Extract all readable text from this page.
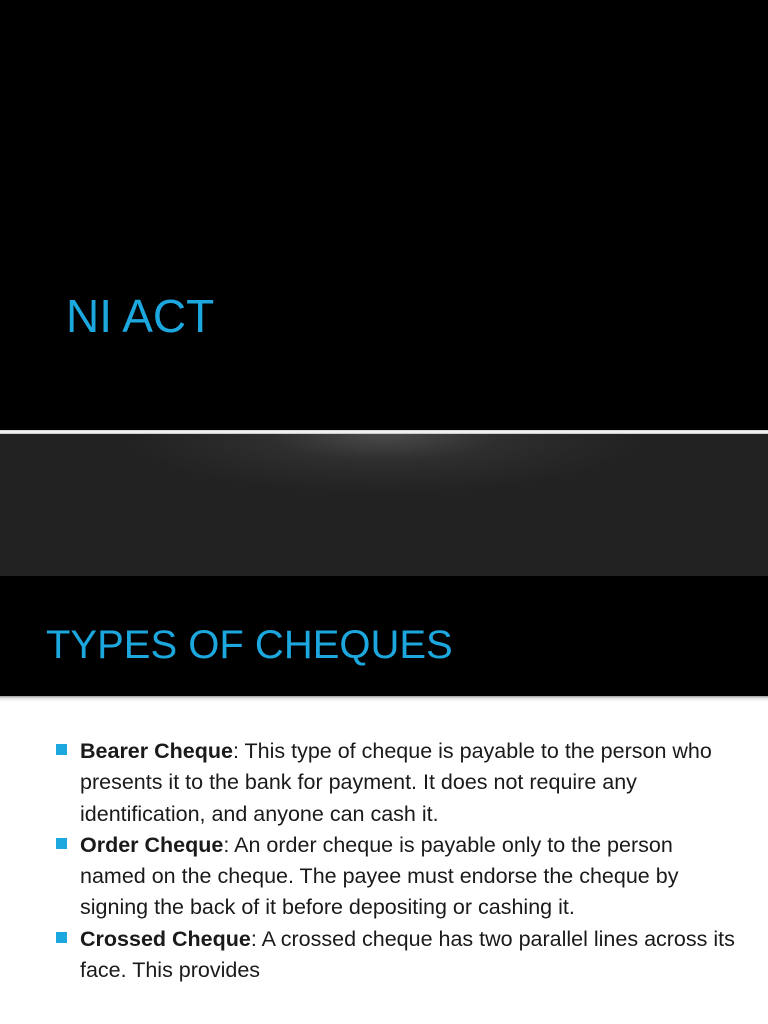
NI ACT
TYPES OF CHEQUES
Bearer Cheque: This type of cheque is payable to the person who presents it to the bank for payment. It does not require any identification, and anyone can cash it.
Order Cheque: An order cheque is payable only to the person named on the cheque. The payee must endorse the cheque by signing the back of it before depositing or cashing it.
Crossed Cheque: A crossed cheque has two parallel lines across its face. This provides
